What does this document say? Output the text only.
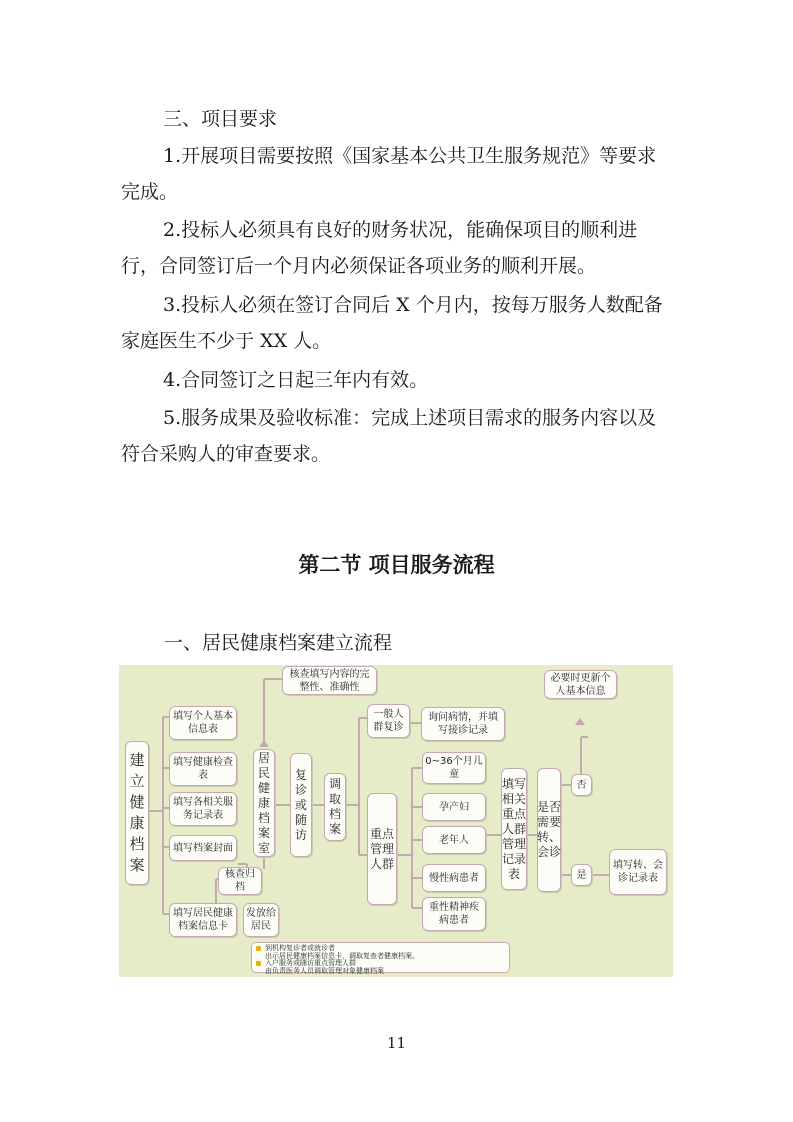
三、项目要求

1.开展项目需要按照《国家基本公共卫生服务规范》等要求完成。

2.投标人必须具有良好的财务状况，能确保项目的顺利进行，合同签订后一个月内必须保证各项业务的顺利开展。

3.投标人必须在签订合同后 X 个月内，按每万服务人数配备家庭医生不少于 XX 人。

4.合同签订之日起三年内有效。

5.服务成果及验收标准：完成上述项目需求的服务内容以及符合采购人的审查要求。

第二节 项目服务流程

一、居民健康档案建立流程

建立健康档案
填写个人基本信息表
填写健康检查表
填写各相关服务记录表
填写档案封面
核查归档
填写居民健康档案信息卡
发放给居民
核查填写内容的完整性、准确性
居民健康档案室
复诊或随访
调取档案
一般人群复诊
询问病情，并填写接诊记录
重点管理人群
0~36个月儿童
孕产妇
老年人
慢性病患者
重性精神疾病患者
填写相关重点人群管理记录表
是否需要转、会诊
否
是
必要时更新个人基本信息
填写转、会诊记录表
到机构复诊者或就诊者
出示居民健康档案信息卡，调取复查者健康档案。
入户服务或随访重点管理人群
由负责医务人员调取管理对象健康档案
11
